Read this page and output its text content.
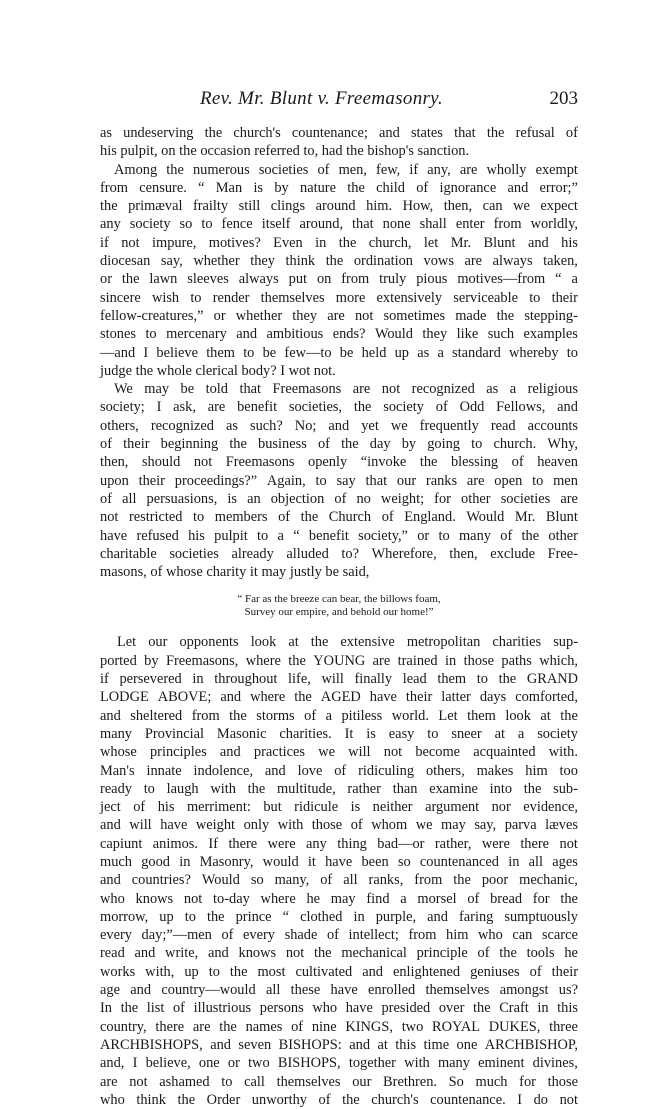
Rev. Mr. Blunt v. Freemasonry.	203
as undeserving the church's countenance; and states that the refusal of
his pulpit, on the occasion referred to, had the bishop's sanction.
Among the numerous societies of men, few, if any, are wholly exempt
from censure. “ Man is by nature the child of ignorance and error;”
the primæval frailty still clings around him. How, then, can we expect
any society so to fence itself around, that none shall enter from worldly,
if not impure, motives? Even in the church, let Mr. Blunt and his
diocesan say, whether they think the ordination vows are always taken,
or the lawn sleeves always put on from truly pious motives—from “ a
sincere wish to render themselves more extensively serviceable to their
fellow-creatures,” or whether they are not sometimes made the stepping-
stones to mercenary and ambitious ends? Would they like such examples
—and I believe them to be few—to be held up as a standard whereby to
judge the whole clerical body? I wot not.
We may be told that Freemasons are not recognized as a religious
society; I ask, are benefit societies, the society of Odd Fellows, and
others, recognized as such? No; and yet we frequently read accounts
of their beginning the business of the day by going to church. Why,
then, should not Freemasons openly “invoke the blessing of heaven
upon their proceedings?” Again, to say that our ranks are open to men
of all persuasions, is an objection of no weight; for other societies are
not restricted to members of the Church of England. Would Mr. Blunt
have refused his pulpit to a “ benefit society,” or to many of the other
charitable societies already alluded to? Wherefore, then, exclude Free-
masons, of whose charity it may justly be said,
“ Far as the breeze can bear, the billows foam,
Survey our empire, and behold our home!”
Let our opponents look at the extensive metropolitan charities sup-
ported by Freemasons, where the YOUNG are trained in those paths which,
if persevered in throughout life, will finally lead them to the GRAND
LODGE ABOVE; and where the AGED have their latter days comforted,
and sheltered from the storms of a pitiless world. Let them look at the
many Provincial Masonic charities. It is easy to sneer at a society
whose principles and practices we will not become acquainted with.
Man's innate indolence, and love of ridiculing others, makes him too
ready to laugh with the multitude, rather than examine into the sub-
ject of his merriment: but ridicule is neither argument nor evidence,
and will have weight only with those of whom we may say, parva læves
capiunt animos. If there were any thing bad—or rather, were there not
much good in Masonry, would it have been so countenanced in all ages
and countries? Would so many, of all ranks, from the poor mechanic,
who knows not to-day where he may find a morsel of bread for the
morrow, up to the prince “ clothed in purple, and faring sumptuously
every day;”—men of every shade of intellect; from him who can scarce
read and write, and knows not the mechanical principle of the tools he
works with, up to the most cultivated and enlightened geniuses of their
age and country—would all these have enrolled themselves amongst us?
In the list of illustrious persons who have presided over the Craft in this
country, there are the names of nine KINGS, two ROYAL DUKES, three
ARCHBISHOPS, and seven BISHOPS: and at this time one ARCHBISHOP,
and, I believe, one or two BISHOPS, together with many eminent divines,
are not ashamed to call themselves our Brethren. So much for those
who think the Order unworthy of the church's countenance. I do not
